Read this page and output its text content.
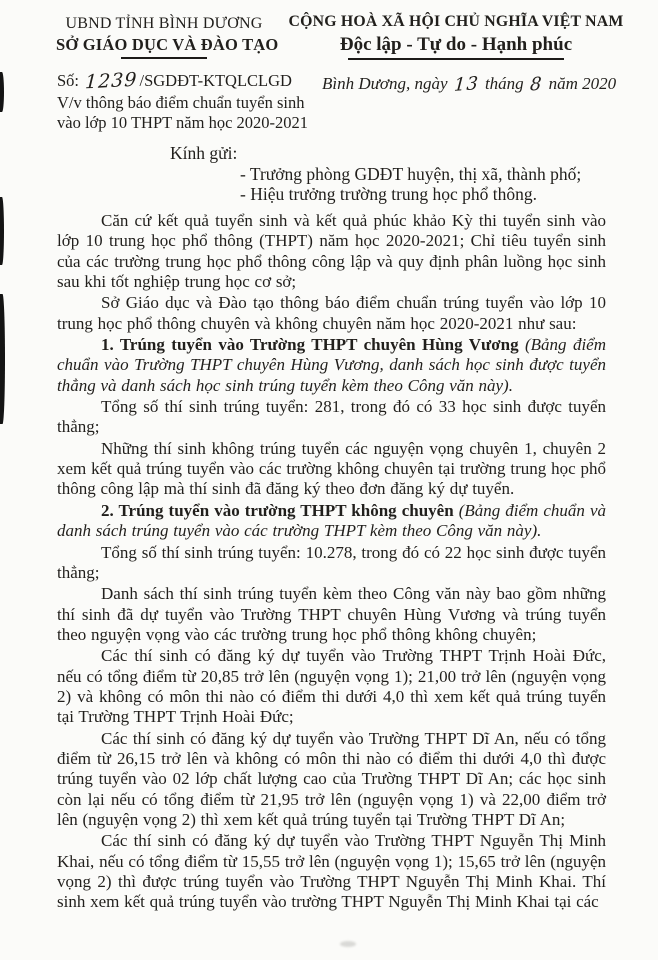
UBND TỈNH BÌNH DƯƠNG
SỞ GIÁO DỤC VÀ ĐÀO TẠO
CỘNG HOÀ XÃ HỘI CHỦ NGHĨA VIỆT NAM
Độc lập - Tự do - Hạnh phúc
Số: 1239/SGDĐT-KTQLCLGD
V/v thông báo điểm chuẩn tuyển sinh
vào lớp 10 THPT năm học 2020-2021
Bình Dương, ngày 13 tháng 8 năm 2020
Kính gửi:
- Trưởng phòng GDĐT huyện, thị xã, thành phố;
- Hiệu trưởng trường trung học phổ thông.

Căn cứ kết quả tuyển sinh và kết quả phúc khảo Kỳ thi tuyển sinh vào lớp 10 trung học phổ thông (THPT) năm học 2020-2021; Chỉ tiêu tuyển sinh của các trường trung học phổ thông công lập và quy định phân luồng học sinh sau khi tốt nghiệp trung học cơ sở;

Sở Giáo dục và Đào tạo thông báo điểm chuẩn trúng tuyển vào lớp 10 trung học phổ thông chuyên và không chuyên năm học 2020-2021 như sau:

1. Trúng tuyển vào Trường THPT chuyên Hùng Vương (Bảng điểm chuẩn vào Trường THPT chuyên Hùng Vương, danh sách học sinh được tuyển thẳng và danh sách học sinh trúng tuyển kèm theo Công văn này).

Tổng số thí sinh trúng tuyển: 281, trong đó có 33 học sinh được tuyển thẳng;

Những thí sinh không trúng tuyển các nguyện vọng chuyên 1, chuyên 2 xem kết quả trúng tuyển vào các trường không chuyên tại trường trung học phổ thông công lập mà thí sinh đã đăng ký theo đơn đăng ký dự tuyển.

2. Trúng tuyển vào trường THPT không chuyên (Bảng điểm chuẩn và danh sách trúng tuyển vào các trường THPT kèm theo Công văn này).

Tổng số thí sinh trúng tuyển: 10.278, trong đó có 22 học sinh được tuyển thẳng;

Danh sách thí sinh trúng tuyển kèm theo Công văn này bao gồm những thí sinh đã dự tuyển vào Trường THPT chuyên Hùng Vương và trúng tuyển theo nguyện vọng vào các trường trung học phổ thông không chuyên;

Các thí sinh có đăng ký dự tuyển vào Trường THPT Trịnh Hoài Đức, nếu có tổng điểm từ 20,85 trở lên (nguyện vọng 1); 21,00 trở lên (nguyện vọng 2) và không có môn thi nào có điểm thi dưới 4,0 thì xem kết quả trúng tuyển tại Trường THPT Trịnh Hoài Đức;

Các thí sinh có đăng ký dự tuyển vào Trường THPT Dĩ An, nếu có tổng điểm từ 26,15 trở lên và không có môn thi nào có điểm thi dưới 4,0 thì được trúng tuyển vào 02 lớp chất lượng cao của Trường THPT Dĩ An; các học sinh còn lại nếu có tổng điểm từ 21,95 trở lên (nguyện vọng 1) và 22,00 điểm trở lên (nguyện vọng 2) thì xem kết quả trúng tuyển tại Trường THPT Dĩ An;

Các thí sinh có đăng ký dự tuyển vào Trường THPT Nguyễn Thị Minh Khai, nếu có tổng điểm từ 15,55 trở lên (nguyện vọng 1); 15,65 trở lên (nguyện vọng 2) thì được trúng tuyển vào Trường THPT Nguyễn Thị Minh Khai. Thí sinh xem kết quả trúng tuyển vào trường THPT Nguyễn Thị Minh Khai tại các
